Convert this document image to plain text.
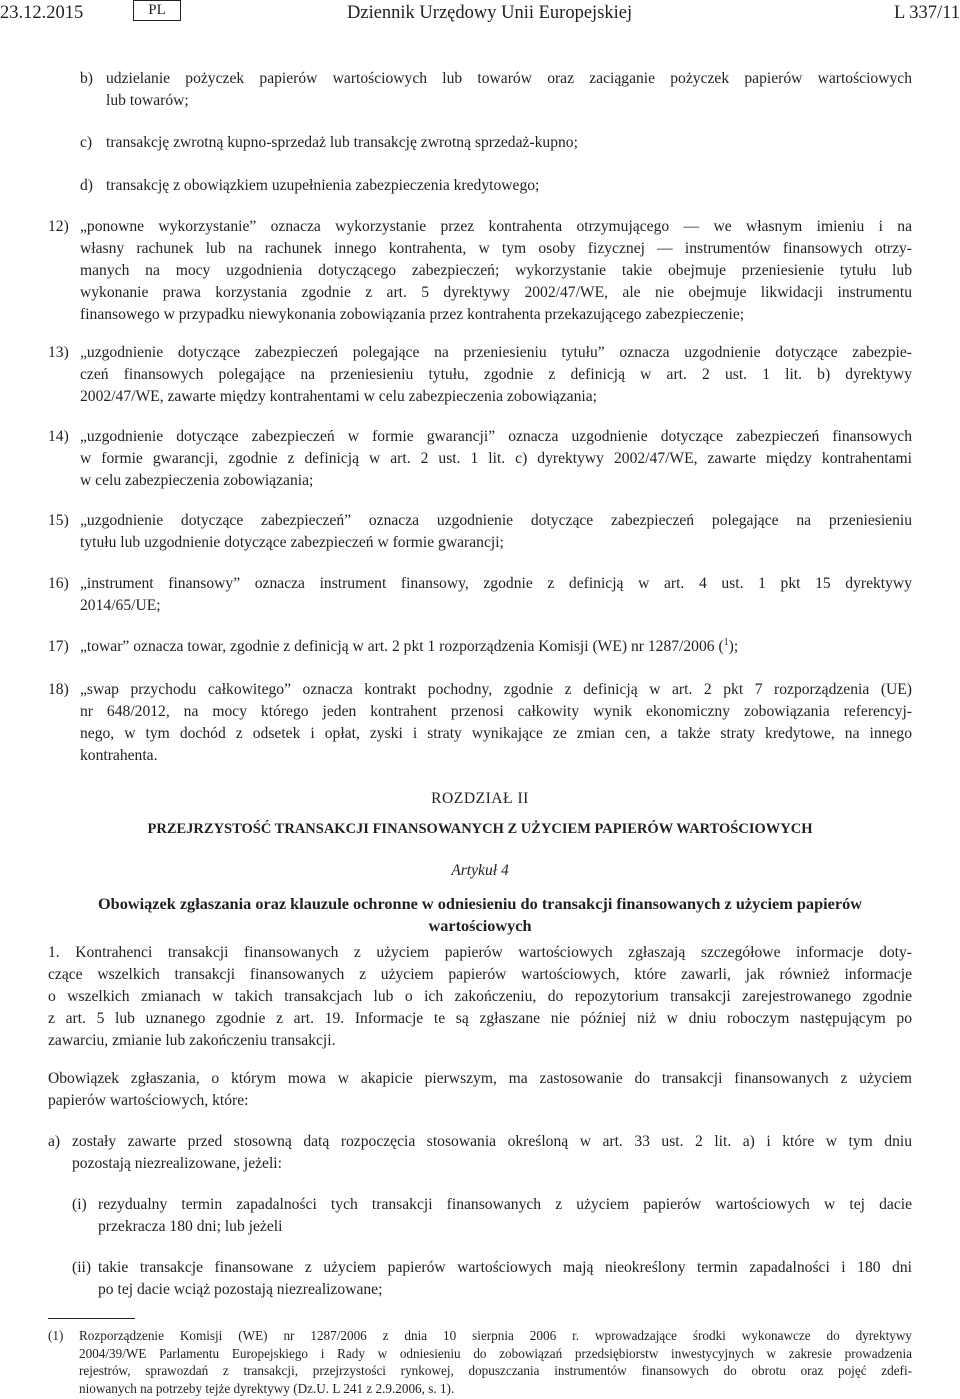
23.12.2015	PL	Dziennik Urzędowy Unii Europejskiej	L 337/11
b) udzielanie pożyczek papierów wartościowych lub towarów oraz zaciąganie pożyczek papierów wartościowych
lub towarów;
c) transakcję zwrotną kupno-sprzedaż lub transakcję zwrotną sprzedaż-kupno;
d) transakcję z obowiązkiem uzupełnienia zabezpieczenia kredytowego;
12) „ponowne wykorzystanie” oznacza wykorzystanie przez kontrahenta otrzymującego — we własnym imieniu i na
własny rachunek lub na rachunek innego kontrahenta, w tym osoby fizycznej — instrumentów finansowych otrzy-
manych na mocy uzgodnienia dotyczącego zabezpieczeń; wykorzystanie takie obejmuje przeniesienie tytułu lub
wykonanie prawa korzystania zgodnie z art. 5 dyrektywy 2002/47/WE, ale nie obejmuje likwidacji instrumentu
finansowego w przypadku niewykonania zobowiązania przez kontrahenta przekazującego zabezpieczenie;
13) „uzgodnienie dotyczące zabezpieczeń polegające na przeniesieniu tytułu” oznacza uzgodnienie dotyczące zabezpie-
czeń finansowych polegające na przeniesieniu tytułu, zgodnie z definicją w art. 2 ust. 1 lit. b) dyrektywy
2002/47/WE, zawarte między kontrahentami w celu zabezpieczenia zobowiązania;
14) „uzgodnienie dotyczące zabezpieczeń w formie gwarancji” oznacza uzgodnienie dotyczące zabezpieczeń finansowych
w formie gwarancji, zgodnie z definicją w art. 2 ust. 1 lit. c) dyrektywy 2002/47/WE, zawarte między kontrahentami
w celu zabezpieczenia zobowiązania;
15) „uzgodnienie dotyczące zabezpieczeń” oznacza uzgodnienie dotyczące zabezpieczeń polegające na przeniesieniu
tytułu lub uzgodnienie dotyczące zabezpieczeń w formie gwarancji;
16) „instrument finansowy” oznacza instrument finansowy, zgodnie z definicją w art. 4 ust. 1 pkt 15 dyrektywy
2014/65/UE;
17) „towar” oznacza towar, zgodnie z definicją w art. 2 pkt 1 rozporządzenia Komisji (WE) nr 1287/2006 ($^1$);
18) „swap przychodu całkowitego” oznacza kontrakt pochodny, zgodnie z definicją w art. 2 pkt 7 rozporządzenia (UE)
nr 648/2012, na mocy którego jeden kontrahent przenosi całkowity wynik ekonomiczny zobowiązania referencyj-
nego, w tym dochód z odsetek i opłat, zyski i straty wynikające ze zmian cen, a także straty kredytowe, na innego
kontrahenta.
1. Kontrahenci transakcji finansowanych z użyciem papierów wartościowych zgłaszają szczegółowe informacje doty-
czące wszelkich transakcji finansowanych z użyciem papierów wartościowych, które zawarli, jak również informacje
o wszelkich zmianach w takich transakcjach lub o ich zakończeniu, do repozytorium transakcji zarejestrowanego zgodnie
z art. 5 lub uznanego zgodnie z art. 19. Informacje te są zgłaszane nie później niż w dniu roboczym następującym po
zawarciu, zmianie lub zakończeniu transakcji.
Obowiązek zgłaszania, o którym mowa w akapicie pierwszym, ma zastosowanie do transakcji finansowanych z użyciem
papierów wartościowych, które:
a) zostały zawarte przed stosowną datą rozpoczęcia stosowania określoną w art. 33 ust. 2 lit. a) i które w tym dniu
pozostają niezrealizowane, jeżeli:
(i) rezydualny termin zapadalności tych transakcji finansowanych z użyciem papierów wartościowych w tej dacie
przekracza 180 dni; lub jeżeli
(ii) takie transakcje finansowane z użyciem papierów wartościowych mają nieokreślony termin zapadalności i 180 dni
po tej dacie wciąż pozostają niezrealizowane;
ROZDZIAŁ II
PRZEJRZYSTOŚĆ TRANSAKCJI FINANSOWANYCH Z UŻYCIEM PAPIERÓW WARTOŚCIOWYCH
Artykuł 4
Obowiązek zgłaszania oraz klauzule ochronne w odniesieniu do transakcji finansowanych z użyciem papierów
wartościowych
(1) Rozporządzenie Komisji (WE) nr 1287/2006 z dnia 10 sierpnia 2006 r. wprowadzające środki wykonawcze do dyrektywy
2004/39/WE Parlamentu Europejskiego i Rady w odniesieniu do zobowiązań przedsiębiorstw inwestycyjnych w zakresie prowadzenia
rejestrów, sprawozdań z transakcji, przejrzystości rynkowej, dopuszczania instrumentów finansowych do obrotu oraz pojęć zdefi-
niowanych na potrzeby tejże dyrektywy (Dz.U. L 241 z 2.9.2006, s. 1).
